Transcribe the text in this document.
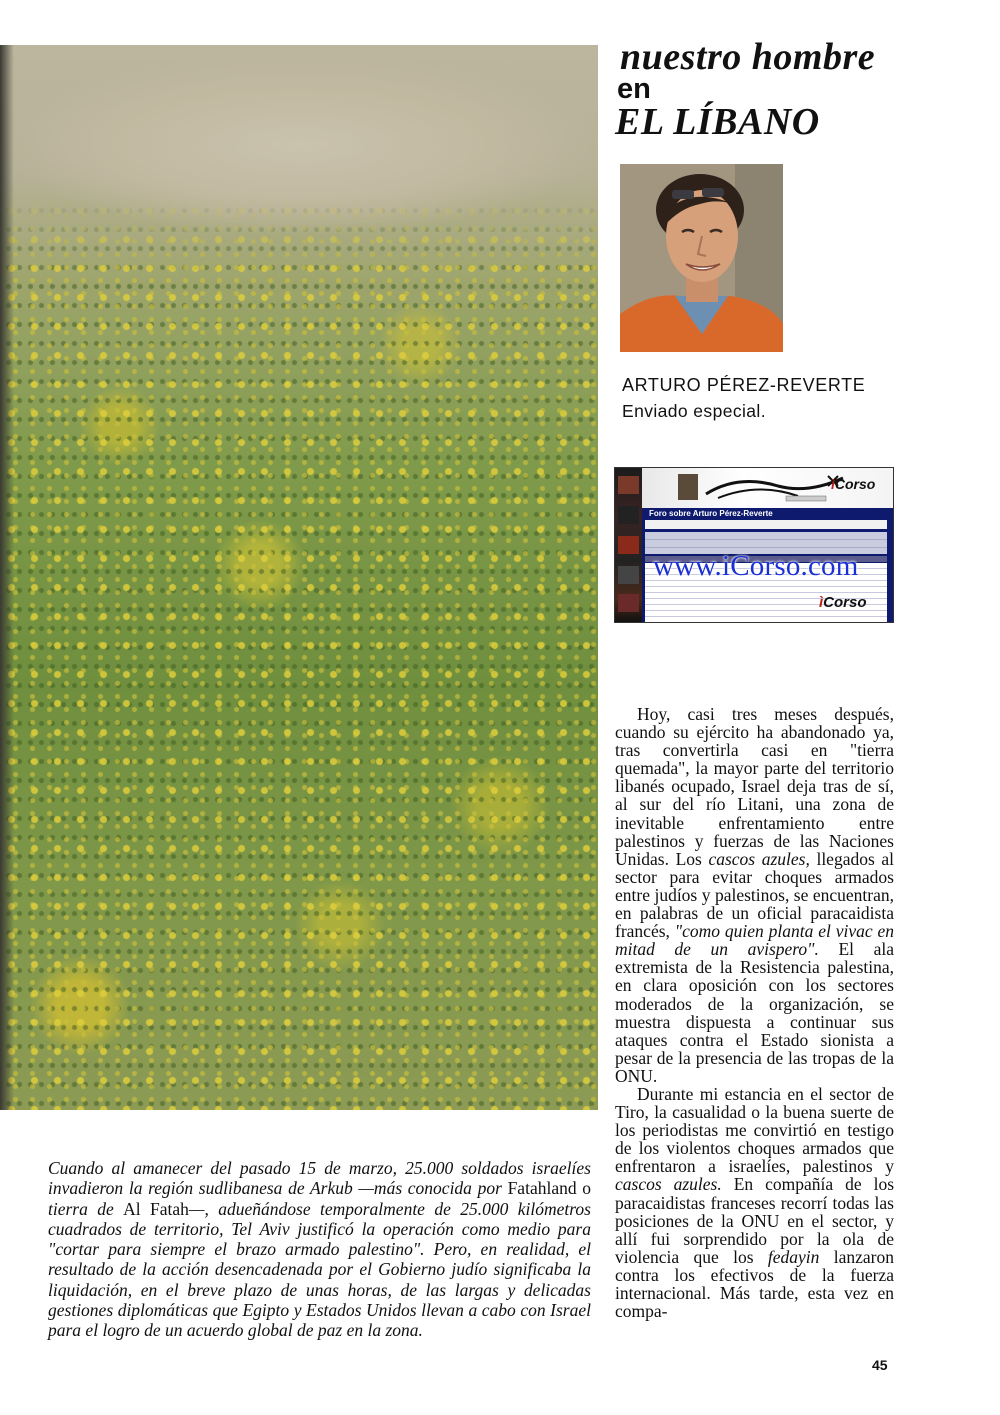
nuestro hombre
en
EL LÍBANO

ARTURO PÉREZ-REVERTE

Enviado especial.

ìCorso
Foro sobre Arturo Pérez-Reverte
www.iCorso.com
ìCorso

Cuando al amanecer del pasado 15 de marzo, 25.000 soldados israelíes invadieron la región sudlibanesa de Arkub —más conocida por Fatahland o tierra de Al Fatah—, adueñándose temporalmente de 25.000 kilómetros cuadrados de territorio, Tel Aviv justificó la operación como medio para "cortar para siempre el brazo armado palestino". Pero, en realidad, el resultado de la acción desencadenada por el Gobierno judío significaba la liquidación, en el breve plazo de unas horas, de las largas y delicadas gestiones diplomáticas que Egipto y Estados Unidos llevan a cabo con Israel para el logro de un acuerdo global de paz en la zona.

Hoy, casi tres meses después, cuando su ejército ha abandonado ya, tras convertirla casi en "tierra quemada", la mayor parte del territorio libanés ocupado, Israel deja tras de sí, al sur del río Litani, una zona de inevitable enfrentamiento entre palestinos y fuerzas de las Naciones Unidas. Los cascos azules, llegados al sector para evitar choques armados entre judíos y palestinos, se encuentran, en palabras de un oficial paracaidista francés, "como quien planta el vivac en mitad de un avispero". El ala extremista de la Resistencia palestina, en clara oposición con los sectores moderados de la organización, se muestra dispuesta a continuar sus ataques contra el Estado sionista a pesar de la presencia de las tropas de la ONU.

Durante mi estancia en el sector de Tiro, la casualidad o la buena suerte de los periodistas me convirtió en testigo de los violentos choques armados que enfrentaron a israelíes, palestinos y cascos azules. En compañía de los paracaidistas franceses recorrí todas las posiciones de la ONU en el sector, y allí fui sorprendido por la ola de violencia que los fedayin lanzaron contra los efectivos de la fuerza internacional. Más tarde, esta vez en compa-

45
